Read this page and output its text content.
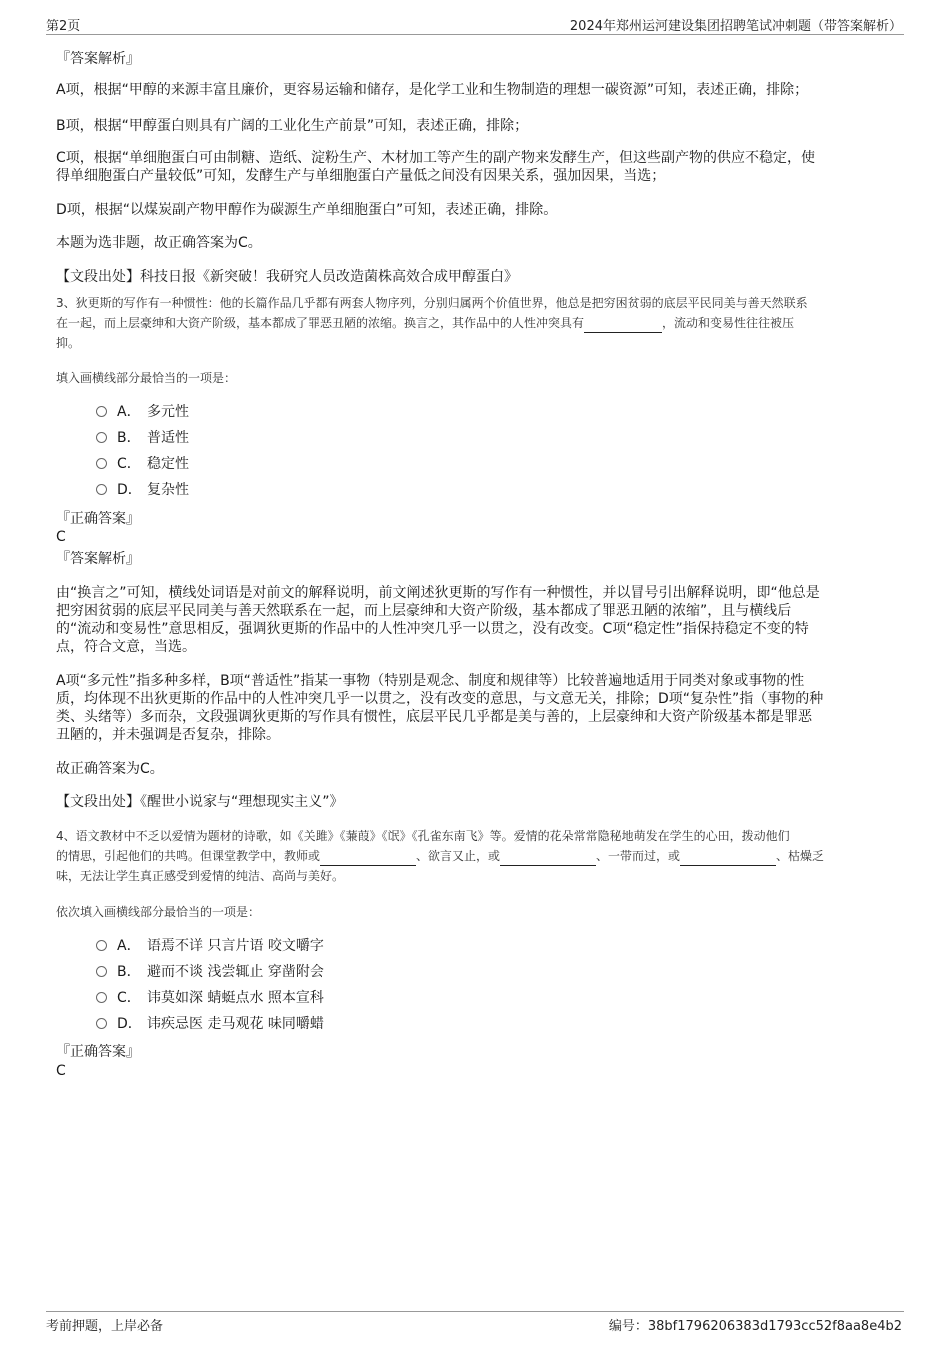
第2页	2024年郑州运河建设集团招聘笔试冲刺题（带答案解析）
『答案解析』
A项，根据“甲醇的来源丰富且廉价，更容易运输和储存，是化学工业和生物制造的理想一碳资源”可知，表述正确，排除；
B项，根据“甲醇蛋白则具有广阔的工业化生产前景”可知，表述正确，排除；
C项，根据“单细胞蛋白可由制糖、造纸、淀粉生产、木材加工等产生的副产物来发酵生产，但这些副产物的供应不稳定，使
得单细胞蛋白产量较低”可知，发酵生产与单细胞蛋白产量低之间没有因果关系，强加因果，当选；
D项，根据“以煤炭副产物甲醇作为碳源生产单细胞蛋白”可知，表述正确，排除。
本题为选非题，故正确答案为C。
【文段出处】科技日报《新突破！我研究人员改造菌株高效合成甲醇蛋白》
3、狄更斯的写作有一种惯性：他的长篇作品几乎都有两套人物序列，分别归属两个价值世界，他总是把穷困贫弱的底层平民同美与善天然联系
在一起，而上层豪绅和大资产阶级，基本都成了罪恶丑陋的浓缩。换言之，其作品中的人性冲突具有	，流动和变易性往往被压
抑。
填入画横线部分最恰当的一项是：
A． 多元性
B． 普适性
C． 稳定性
D． 复杂性
『正确答案』
C
『答案解析』
由“换言之”可知，横线处词语是对前文的解释说明，前文阐述狄更斯的写作有一种惯性，并以冒号引出解释说明，即“他总是
把穷困贫弱的底层平民同美与善天然联系在一起，而上层豪绅和大资产阶级，基本都成了罪恶丑陋的浓缩”，且与横线后
的“流动和变易性”意思相反，强调狄更斯的作品中的人性冲突几乎一以贯之，没有改变。C项“稳定性”指保持稳定不变的特
点，符合文意，当选。
A项“多元性”指多种多样，B项“普适性”指某一事物（特别是观念、制度和规律等）比较普遍地适用于同类对象或事物的性
质，均体现不出狄更斯的作品中的人性冲突几乎一以贯之，没有改变的意思，与文意无关，排除；D项“复杂性”指（事物的种
类、头绪等）多而杂，文段强调狄更斯的写作具有惯性，底层平民几乎都是美与善的，上层豪绅和大资产阶级基本都是罪恶
丑陋的，并未强调是否复杂，排除。
故正确答案为C。
【文段出处】《醒世小说家与“理想现实主义”》
4、语文教材中不乏以爱情为题材的诗歌，如《关雎》《蒹葭》《氓》《孔雀东南飞》等。爱情的花朵常常隐秘地萌发在学生的心田，拨动他们
的情思，引起他们的共鸣。但课堂教学中，教师或	、欲言又止，或	、一带而过，或	、枯燥乏
味，无法让学生真正感受到爱情的纯洁、高尚与美好。
依次填入画横线部分最恰当的一项是：
A． 语焉不详 只言片语 咬文嚼字
B． 避而不谈 浅尝辄止 穿凿附会
C． 讳莫如深 蜻蜓点水 照本宣科
D． 讳疾忌医 走马观花 味同嚼蜡
『正确答案』
C
考前押题，上岸必备	编号：38bf1796206383d1793cc52f8aa8e4b2
